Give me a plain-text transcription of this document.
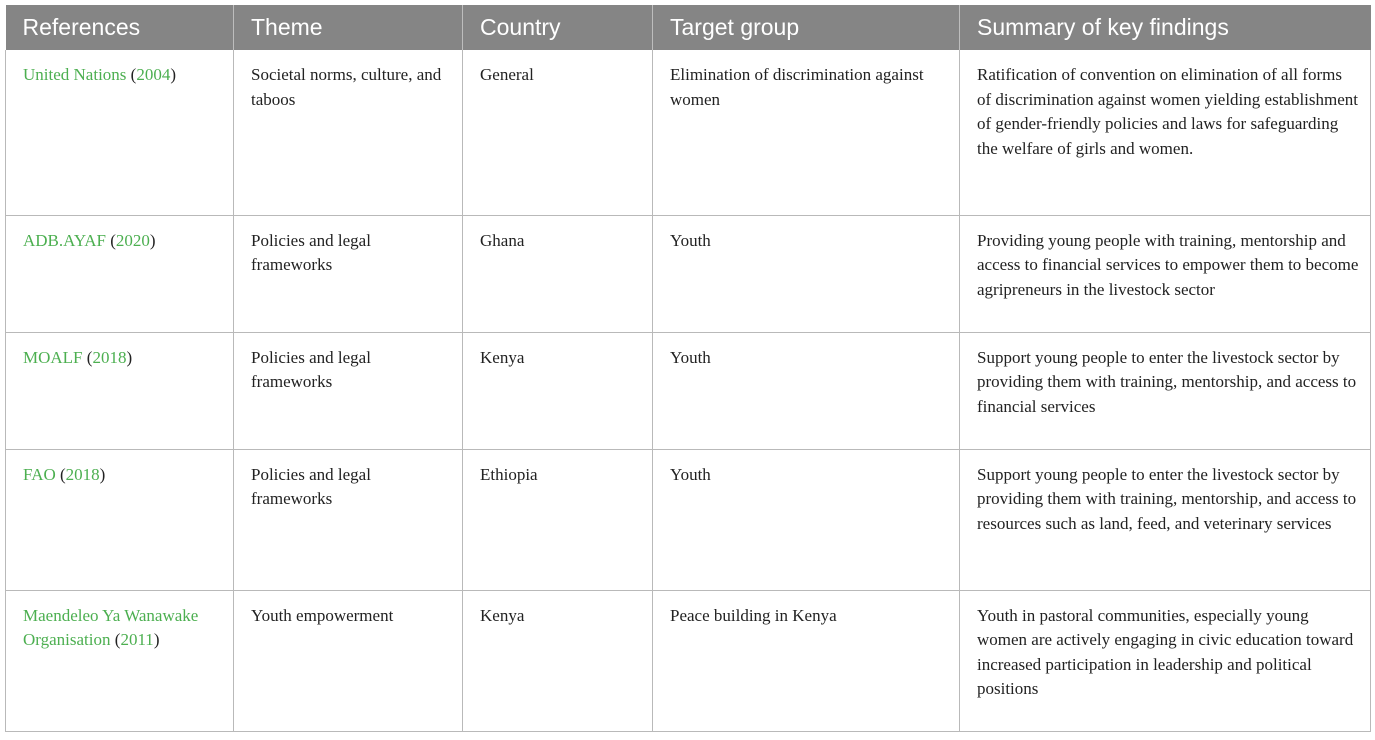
References	Theme	Country	Target group	Summary of key findings
United Nations (2004)	Societal norms, culture, and taboos	General	Elimination of discrimination against women	Ratification of convention on elimination of all forms of discrimination against women yielding establishment of gender-friendly policies and laws for safeguarding the welfare of girls and women.
ADB.AYAF (2020)	Policies and legal frameworks	Ghana	Youth	Providing young people with training, mentorship and access to financial services to empower them to become agripreneurs in the livestock sector
MOALF (2018)	Policies and legal frameworks	Kenya	Youth	Support young people to enter the livestock sector by providing them with training, mentorship, and access to financial services
FAO (2018)	Policies and legal frameworks	Ethiopia	Youth	Support young people to enter the livestock sector by providing them with training, mentorship, and access to resources such as land, feed, and veterinary services
Maendeleo Ya Wanawake Organisation (2011)	Youth empowerment	Kenya	Peace building in Kenya	Youth in pastoral communities, especially young women are actively engaging in civic education toward increased participation in leadership and political positions
